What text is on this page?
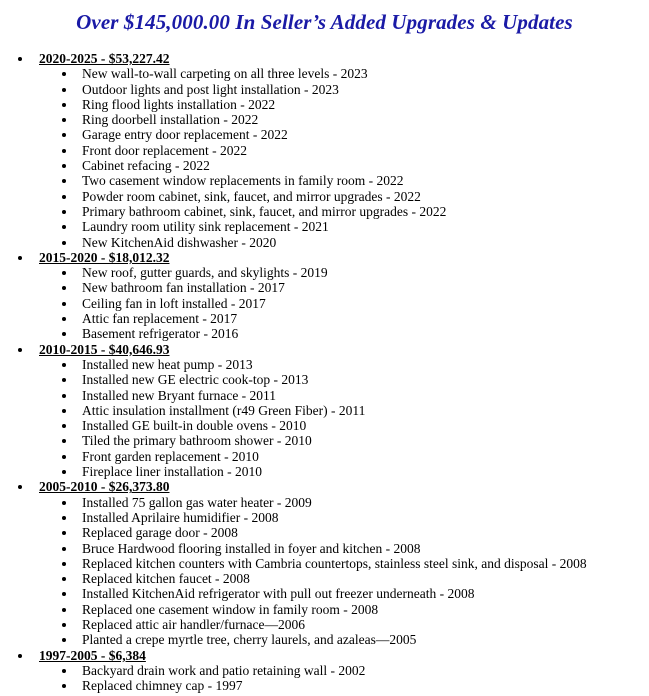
Over $145,000.00 In Seller’s Added Upgrades & Updates
2020-2025 - $53,227.42
New wall-to-wall carpeting on all three levels - 2023
Outdoor lights and post light installation - 2023
Ring flood lights installation - 2022
Ring doorbell installation - 2022
Garage entry door replacement - 2022
Front door replacement - 2022
Cabinet refacing - 2022
Two casement window replacements in family room - 2022
Powder room cabinet, sink, faucet, and mirror upgrades - 2022
Primary bathroom cabinet, sink, faucet, and mirror upgrades - 2022
Laundry room utility sink replacement - 2021
New KitchenAid dishwasher - 2020
2015-2020 - $18,012.32
New roof, gutter guards, and skylights - 2019
New bathroom fan installation - 2017
Ceiling fan in loft installed - 2017
Attic fan replacement - 2017
Basement refrigerator - 2016
2010-2015 - $40,646.93
Installed new heat pump - 2013
Installed new GE electric cook-top - 2013
Installed new Bryant furnace - 2011
Attic insulation installment (r49 Green Fiber) - 2011
Installed GE built-in double ovens - 2010
Tiled the primary bathroom shower - 2010
Front garden replacement - 2010
Fireplace liner installation - 2010
2005-2010 - $26,373.80
Installed 75 gallon gas water heater - 2009
Installed Aprilaire humidifier - 2008
Replaced garage door - 2008
Bruce Hardwood flooring installed in foyer and kitchen - 2008
Replaced kitchen counters with Cambria countertops, stainless steel sink, and disposal - 2008
Replaced kitchen faucet - 2008
Installed KitchenAid refrigerator with pull out freezer underneath - 2008
Replaced one casement window in family room - 2008
Replaced attic air handler/furnace—2006
Planted a crepe myrtle tree, cherry laurels, and azaleas—2005
1997-2005 - $6,384
Backyard drain work and patio retaining wall - 2002
Replaced chimney cap - 1997
